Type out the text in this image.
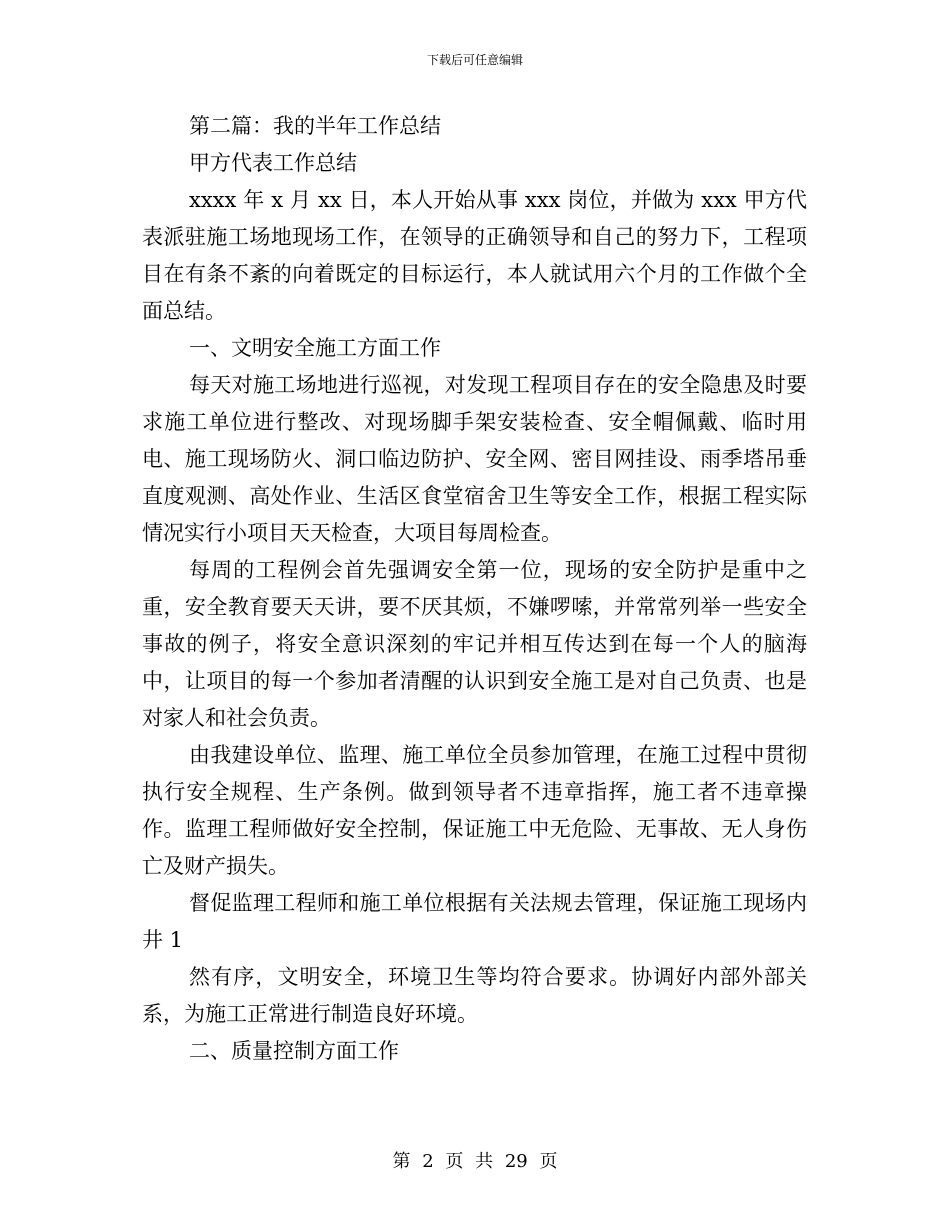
下载后可任意编辑

第二篇：我的半年工作总结

甲方代表工作总结

xxxx 年 x 月 xx 日，本人开始从事 xxx 岗位，并做为 xxx 甲方代表派驻施工场地现场工作，在领导的正确领导和自己的努力下，工程项目在有条不紊的向着既定的目标运行，本人就试用六个月的工作做个全面总结。

一、文明安全施工方面工作

每天对施工场地进行巡视，对发现工程项目存在的安全隐患及时要求施工单位进行整改、对现场脚手架安装检查、安全帽佩戴、临时用电、施工现场防火、洞口临边防护、安全网、密目网挂设、雨季塔吊垂直度观测、高处作业、生活区食堂宿舍卫生等安全工作，根据工程实际情况实行小项目天天检查，大项目每周检查。

每周的工程例会首先强调安全第一位，现场的安全防护是重中之重，安全教育要天天讲，要不厌其烦，不嫌啰嗦，并常常列举一些安全事故的例子，将安全意识深刻的牢记并相互传达到在每一个人的脑海中，让项目的每一个参加者清醒的认识到安全施工是对自己负责、也是对家人和社会负责。

由我建设单位、监理、施工单位全员参加管理，在施工过程中贯彻执行安全规程、生产条例。做到领导者不违章指挥，施工者不违章操作。监理工程师做好安全控制，保证施工中无危险、无事故、无人身伤亡及财产损失。

督促监理工程师和施工单位根据有关法规去管理，保证施工现场内井 1

然有序，文明安全，环境卫生等均符合要求。协调好内部外部关系，为施工正常进行制造良好环境。

二、质量控制方面工作

第 2 页 共 29 页
